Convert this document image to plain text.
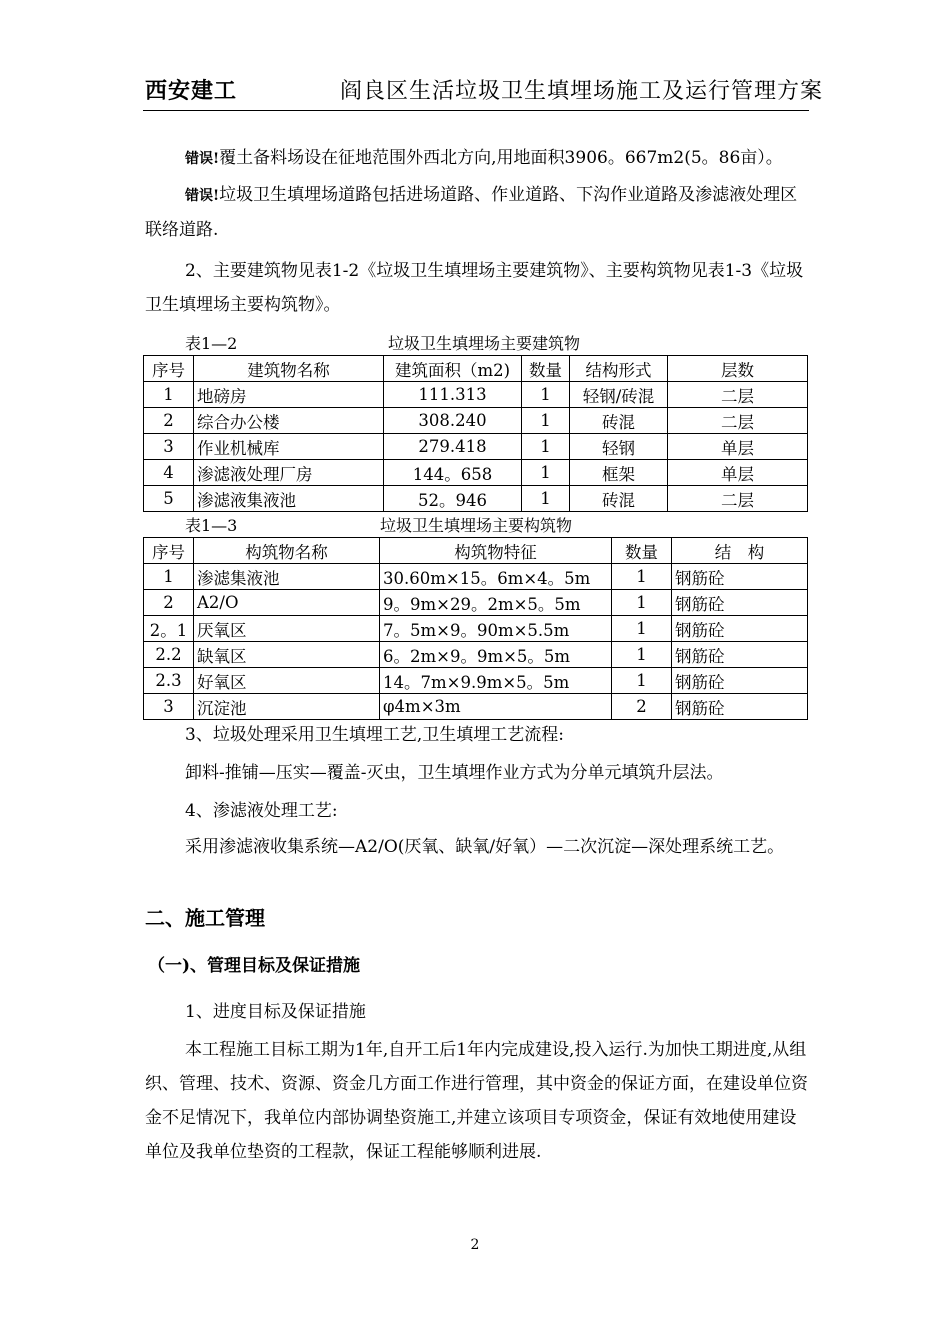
西安建工	阎良区生活垃圾卫生填埋场施工及运行管理方案

错误!覆土备料场设在征地范围外西北方向,用地面积3906。667m2(5。86亩）。

错误!垃圾卫生填埋场道路包括进场道路、作业道路、下沟作业道路及渗滤液处理区联络道路.

2、主要建筑物见表1-2《垃圾卫生填埋场主要建筑物》、主要构筑物见表1-3《垃圾卫生填埋场主要构筑物》。

表1—2	垃圾卫生填埋场主要建筑物
序号	建筑物名称	建筑面积（m2)	数量	结构形式	层数
1	地磅房	111.313	1	轻钢/砖混	二层
2	综合办公楼	308.240	1	砖混	二层
3	作业机械库	279.418	1	轻钢	单层
4	渗滤液处理厂房	144。658	1	框架	单层
5	渗滤液集液池	52。946	1	砖混	二层
表1—3	垃圾卫生填埋场主要构筑物
序号	构筑物名称	构筑物特征	数量	结　构
1	渗滤集液池	30.60m×15。6m×4。5m	1	钢筋砼
2	A2/O	9。9m×29。2m×5。5m	1	钢筋砼
2。1	厌氧区	7。5m×9。90m×5.5m	1	钢筋砼
2.2	缺氧区	6。2m×9。9m×5。5m	1	钢筋砼
2.3	好氧区	14。7m×9.9m×5。5m	1	钢筋砼
3	沉淀池	φ4m×3m	2	钢筋砼

3、垃圾处理采用卫生填埋工艺,卫生填埋工艺流程:

卸料-推铺—压实—覆盖-灭虫，卫生填埋作业方式为分单元填筑升层法。

4、渗滤液处理工艺:

采用渗滤液收集系统—A2/O(厌氧、缺氧/好氧）—二次沉淀—深处理系统工艺。

二、施工管理
（一)、管理目标及保证措施

1、进度目标及保证措施

本工程施工目标工期为1年,自开工后1年内完成建设,投入运行.为加快工期进度,从组织、管理、技术、资源、资金几方面工作进行管理，其中资金的保证方面，在建设单位资金不足情况下，我单位内部协调垫资施工,并建立该项目专项资金，保证有效地使用建设单位及我单位垫资的工程款，保证工程能够顺利进展.

2
